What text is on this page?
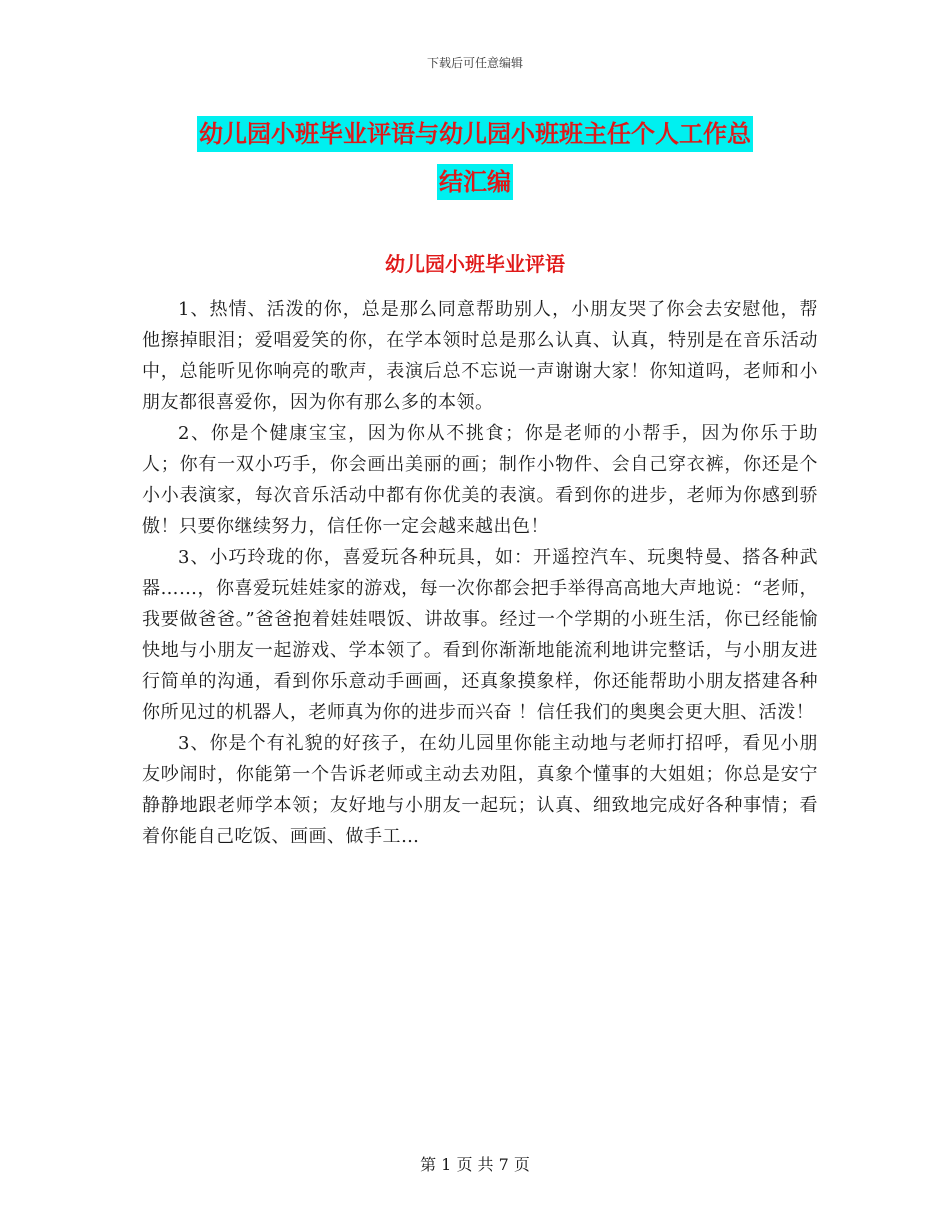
下载后可任意编辑
幼儿园小班毕业评语与幼儿园小班班主任个人工作总
结汇编
幼儿园小班毕业评语

1、热情、活泼的你，总是那么同意帮助别人，小朋友哭了你会去安慰他，帮他擦掉眼泪；爱唱爱笑的你，在学本领时总是那么认真、认真，特别是在音乐活动中，总能听见你响亮的歌声，表演后总不忘说一声谢谢大家！你知道吗，老师和小朋友都很喜爱你，因为你有那么多的本领。

2、你是个健康宝宝，因为你从不挑食；你是老师的小帮手，因为你乐于助人；你有一双小巧手，你会画出美丽的画；制作小物件、会自己穿衣裤，你还是个小小表演家，每次音乐活动中都有你优美的表演。看到你的进步，老师为你感到骄傲！只要你继续努力，信任你一定会越来越出色！

3、小巧玲珑的你，喜爱玩各种玩具，如：开遥控汽车、玩奥特曼、搭各种武器……，你喜爱玩娃娃家的游戏，每一次你都会把手举得高高地大声地说：“老师，我要做爸爸。”爸爸抱着娃娃喂饭、讲故事。经过一个学期的小班生活，你已经能愉快地与小朋友一起游戏、学本领了。看到你渐渐地能流利地讲完整话，与小朋友进行简单的沟通，看到你乐意动手画画，还真象摸象样，你还能帮助小朋友搭建各种你所见过的机器人，老师真为你的进步而兴奋 ！信任我们的奥奥会更大胆、活泼！

3、你是个有礼貌的好孩子，在幼儿园里你能主动地与老师打招呼，看见小朋友吵闹时，你能第一个告诉老师或主动去劝阻，真象个懂事的大姐姐；你总是安宁静静地跟老师学本领；友好地与小朋友一起玩；认真、细致地完成好各种事情；看着你能自己吃饭、画画、做手工…

第 1 页 共 7 页
